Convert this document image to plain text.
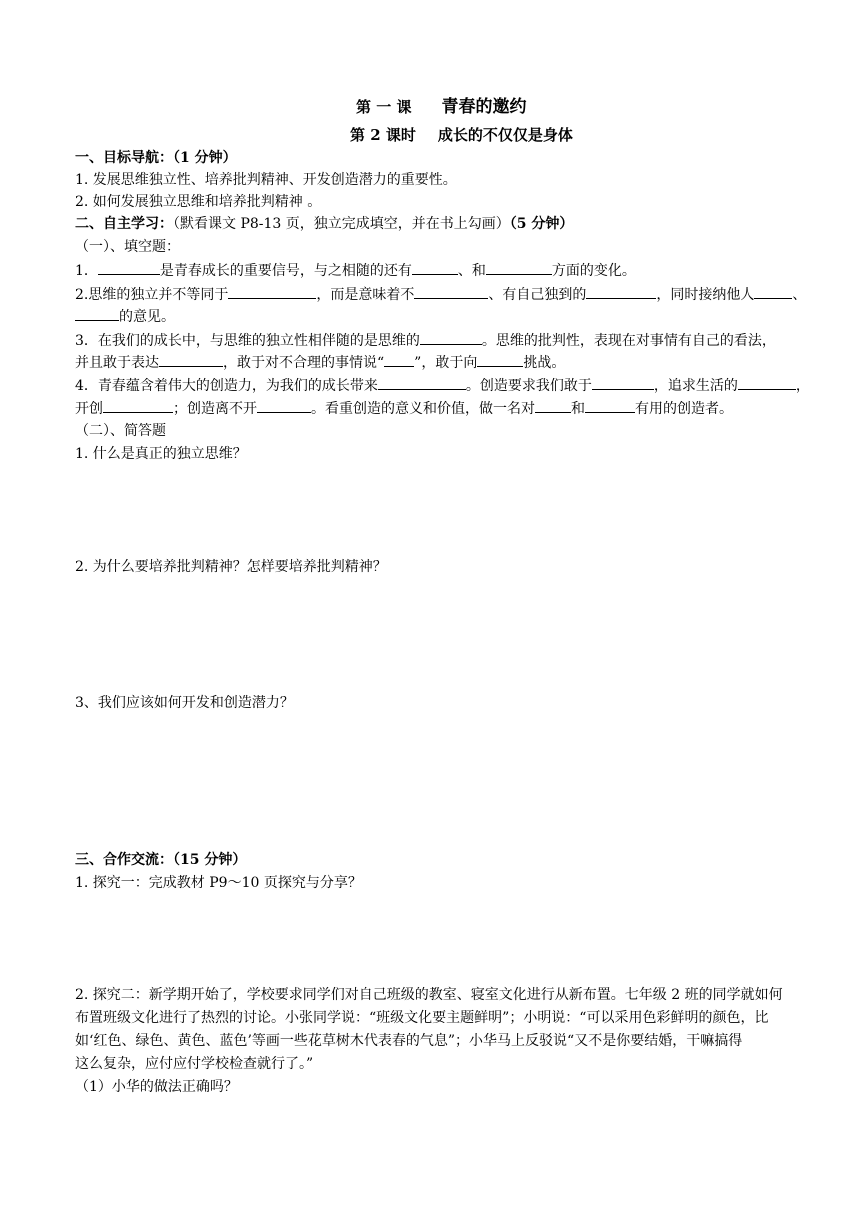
第 一 课 青春的邀约
第 2 课时 成长的不仅仅是身体
一、目标导航：（1 分钟）
1. 发展思维独立性、培养批判精神、开发创造潜力的重要性。
2. 如何发展独立思维和培养批判精神 。
二、自主学习：（默看课文 P8-13 页，独立完成填空，并在书上勾画）（5 分钟）
（一）、填空题：
1．	是青春成长的重要信号，与之相随的还有	、和	方面的变化。
2.思维的独立并不等同于	，而是意味着不	、有自己独到的	，同时接纳他人	、
的意见。
3．在我们的成长中，与思维的独立性相伴随的是思维的	。思维的批判性，表现在对事情有自己的看法，
并且敢于表达	，敢于对不合理的事情说“ ”，敢于向	挑战。
4．青春蕴含着伟大的创造力，为我们的成长带来	。创造要求我们敢于	，追求生活的	，
开创	；创造离不开	。看重创造的意义和价值，做一名对	和	有用的创造者。
（二）、简答题
1. 什么是真正的独立思维？
2. 为什么要培养批判精神？怎样要培养批判精神？
3、我们应该如何开发和创造潜力？
三、合作交流：（15 分钟）
1. 探究一：完成教材 P9～10 页探究与分享？
2. 探究二：新学期开始了，学校要求同学们对自己班级的教室、寝室文化进行从新布置。七年级 2 班的同学就如何
布置班级文化进行了热烈的讨论。小张同学说：“班级文化要主题鲜明”；小明说：“可以采用色彩鲜明的颜色，比
如‘红色、绿色、黄色、蓝色’等画一些花草树木代表春的气息”；小华马上反驳说“又不是你要结婚，干嘛搞得
这么复杂，应付应付学校检查就行了。”
（1）小华的做法正确吗？
